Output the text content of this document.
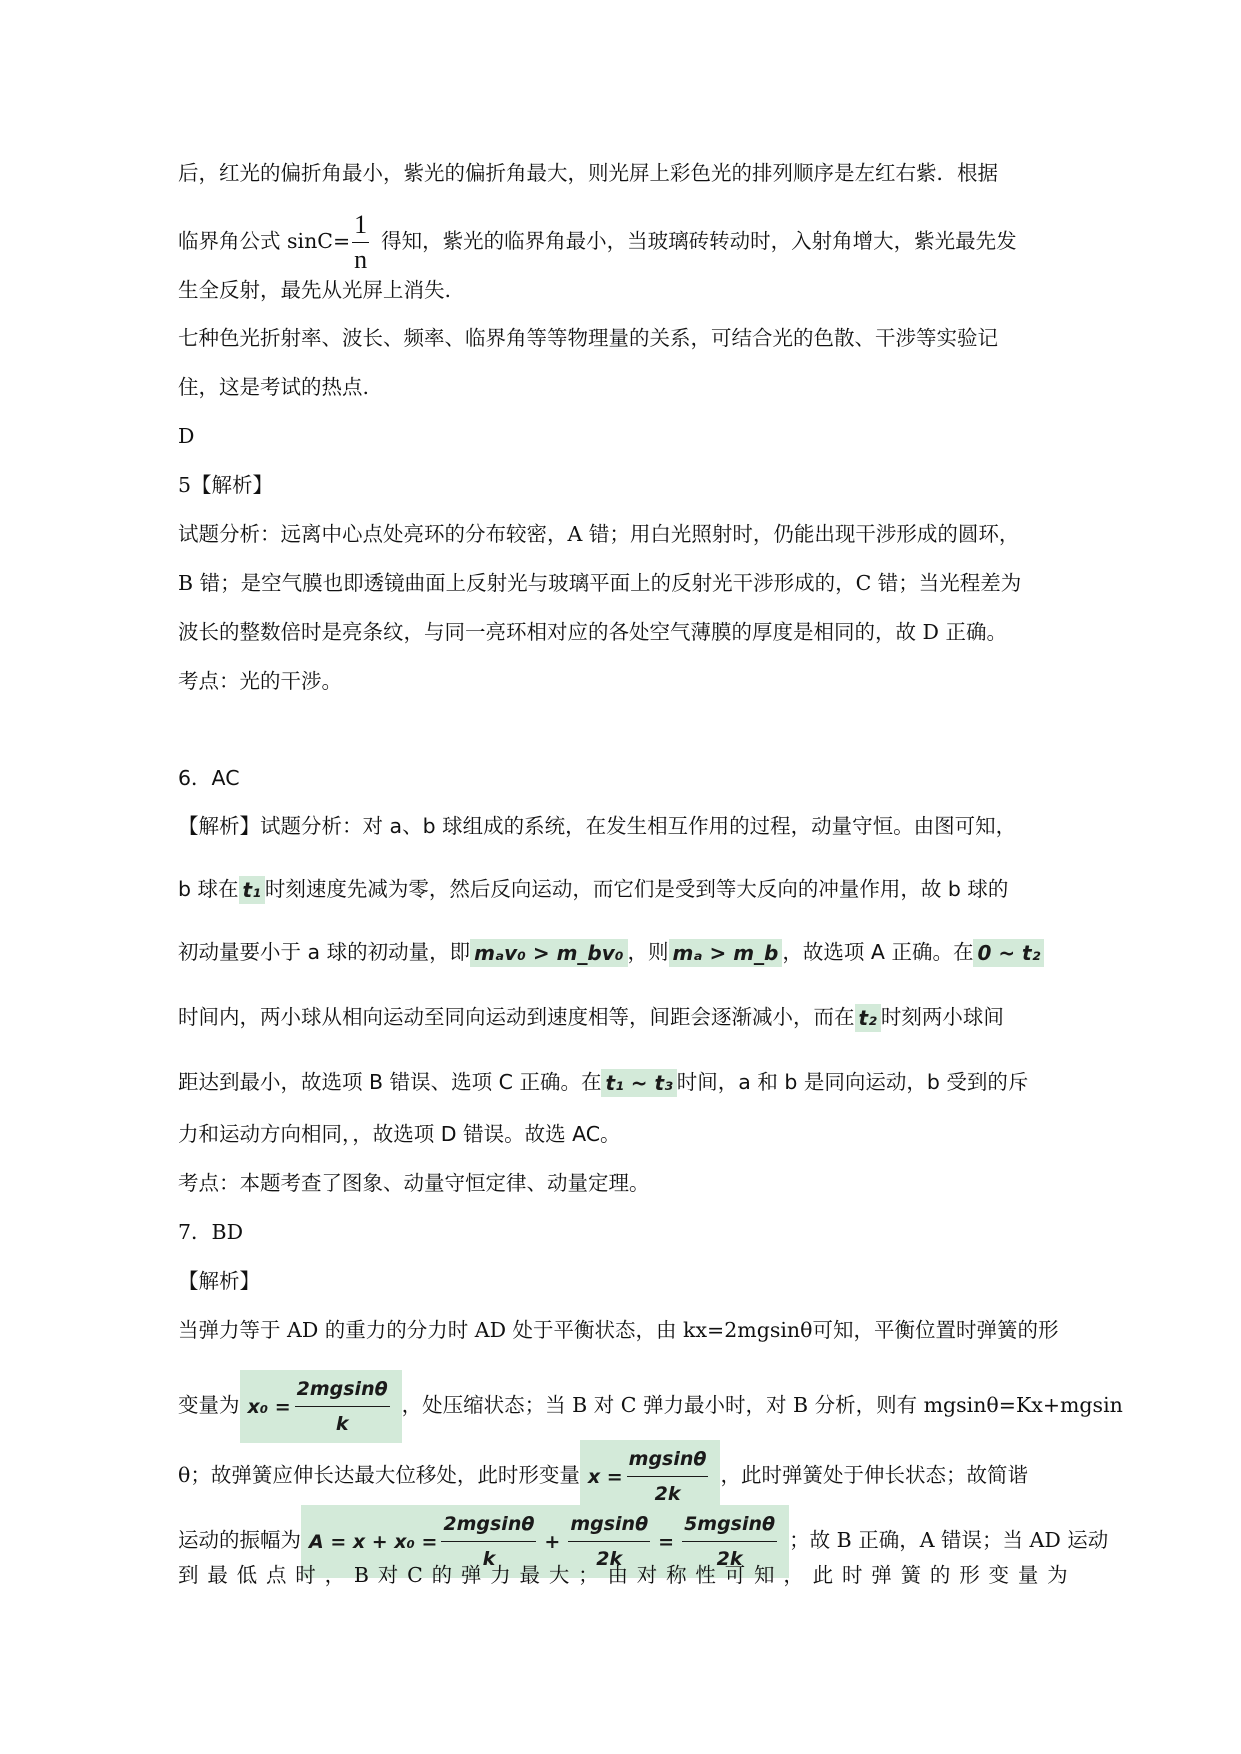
后，红光的偏折角最小，紫光的偏折角最大，则光屏上彩色光的排列顺序是左红右紫．根据
临界角公式 $\sin C= \frac{1}{n}$ 得知，紫光的临界角最小，当玻璃砖转动时，入射角增大，紫光最先发
生全反射，最先从光屏上消失.
七种色光折射率、波长、频率、临界角等等物理量的关系，可结合光的色散、干涉等实验记
住，这是考试的热点.
D
5【解析】
试题分析：远离中心点处亮环的分布较密，A 错；用白光照射时，仍能出现干涉形成的圆环，
B 错；是空气膜也即透镜曲面上反射光与玻璃平面上的反射光干涉形成的，C 错；当光程差为
波长的整数倍时是亮条纹，与同一亮环相对应的各处空气薄膜的厚度是相同的，故 D 正确。
考点：光的干涉。
6．AC
【解析】试题分析：对 a、b 球组成的系统，在发生相互作用的过程，动量守恒。由图可知，
b 球在 t₁ 时刻速度先减为零，然后反向运动，而它们是受到等大反向的冲量作用，故 b 球的
初动量要小于 a 球的初动量，即 mₐv₀ > m_bv₀ ，则 mₐ > m_b ，故选项 A 正确。在 0 ~ t₂
时间内，两小球从相向运动至同向运动到速度相等，间距会逐渐减小，而在 t₂ 时刻两小球间
距达到最小，故选项 B 错误、选项 C 正确。在 t₁ ~ t₃ 时间，a 和 b 是同向运动，b 受到的斥
力和运动方向相同，，故选项 D 错误。故选 AC。
考点：本题考查了图象、动量守恒定律、动量定理。
7．BD
【解析】
当弹力等于 AD 的重力的分力时 AD 处于平衡状态，由 kx=2mgsinθ可知，平衡位置时弹簧的形
变量为 $x_0 = \frac{2mgsin\theta}{k}$ ，处压缩状态；当 B 对 C 弹力最小时，对 B 分析，则有 mgsinθ=Kx+mgsin
θ；故弹簧应伸长达最大位移处，此时形变量 $x = \frac{mgsin\theta}{2k}$ ，此时弹簧处于伸长状态；故简谐
运动的振幅为 $A = x + x_0 = \frac{2mgsin\theta}{k} + \frac{mgsin\theta}{2k} = \frac{5mgsin\theta}{2k}$ ；故 B 正确，A 错误；当 AD 运动
到 最 低 点 时 ， B 对 C 的 弹 力 最 大 ； 由 对 称 性 可 知 ， 此 时 弹 簧 的 形 变 量 为
